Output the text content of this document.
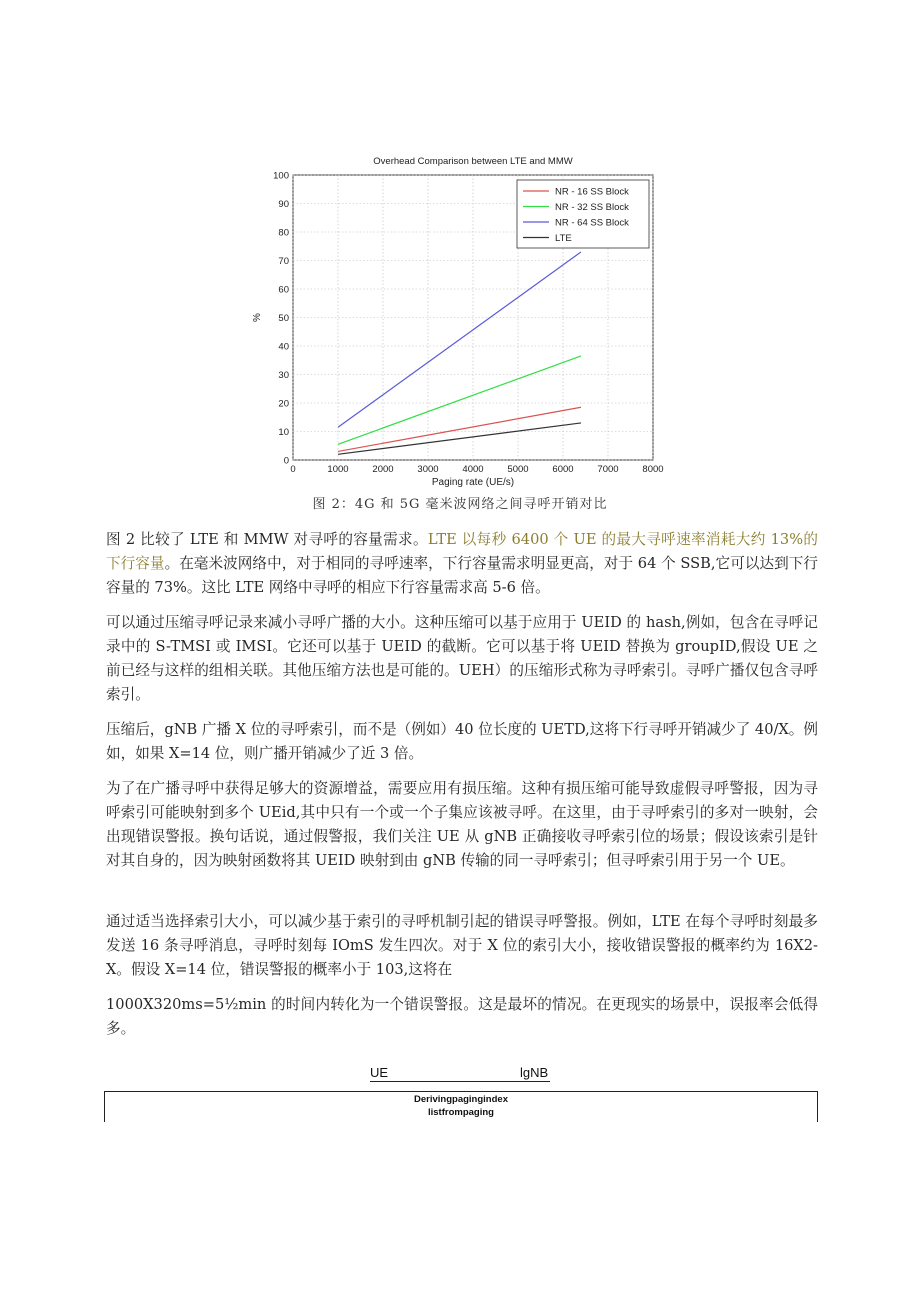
Overhead Comparison between LTE and MMW
0	1000	2000	3000	4000	5000	6000	7000	8000
0
10
20
30
40
50
60
70
80
90
100
NR - 16 SS Block
NR - 32 SS Block
NR - 64 SS Block
LTE
Paging rate (UE/s)
%
图 2：4G 和 5G 毫米波网络之间寻呼开销对比

图 2 比较了 LTE 和 MMW 对寻呼的容量需求。LTE 以每秒 6400 个 UE 的最大寻呼速率消耗大约 13%的下行容量。在毫米波网络中，对于相同的寻呼速率，下行容量需求明显更高，对于 64 个 SSB,它可以达到下行容量的 73%。这比 LTE 网络中寻呼的相应下行容量需求高 5-6 倍。

可以通过压缩寻呼记录来减小寻呼广播的大小。这种压缩可以基于应用于 UEID 的 hash,例如，包含在寻呼记录中的 S-TMSI 或 IMSI。它还可以基于 UEID 的截断。它可以基于将 UEID 替换为 groupID,假设 UE 之前已经与这样的组相关联。其他压缩方法也是可能的。UEH）的压缩形式称为寻呼索引。寻呼广播仅包含寻呼索引。

压缩后，gNB 广播 X 位的寻呼索引，而不是（例如）40 位长度的 UETD,这将下行寻呼开销减少了 40/X。例如，如果 X=14 位，则广播开销减少了近 3 倍。

为了在广播寻呼中获得足够大的资源增益，需要应用有损压缩。这种有损压缩可能导致虚假寻呼警报，因为寻呼索引可能映射到多个 UEid,其中只有一个或一个子集应该被寻呼。在这里，由于寻呼索引的多对一映射，会出现错误警报。换句话说，通过假警报，我们关注 UE 从 gNB 正确接收寻呼索引位的场景；假设该索引是针对其自身的，因为映射函数将其 UEID 映射到由 gNB 传输的同一寻呼索引；但寻呼索引用于另一个 UE。

通过适当选择索引大小，可以减少基于索引的寻呼机制引起的错误寻呼警报。例如，LTE 在每个寻呼时刻最多发送 16 条寻呼消息，寻呼时刻每 IOmS 发生四次。对于 X 位的索引大小，接收错误警报的概率约为 16X2-X。假设 X=14 位，错误警报的概率小于 103,这将在

1000X320ms=5½min 的时间内转化为一个错误警报。这是最坏的情况。在更现实的场景中，误报率会低得多。

UE	lgNB
Derivingpagingindex
listfrompaging
